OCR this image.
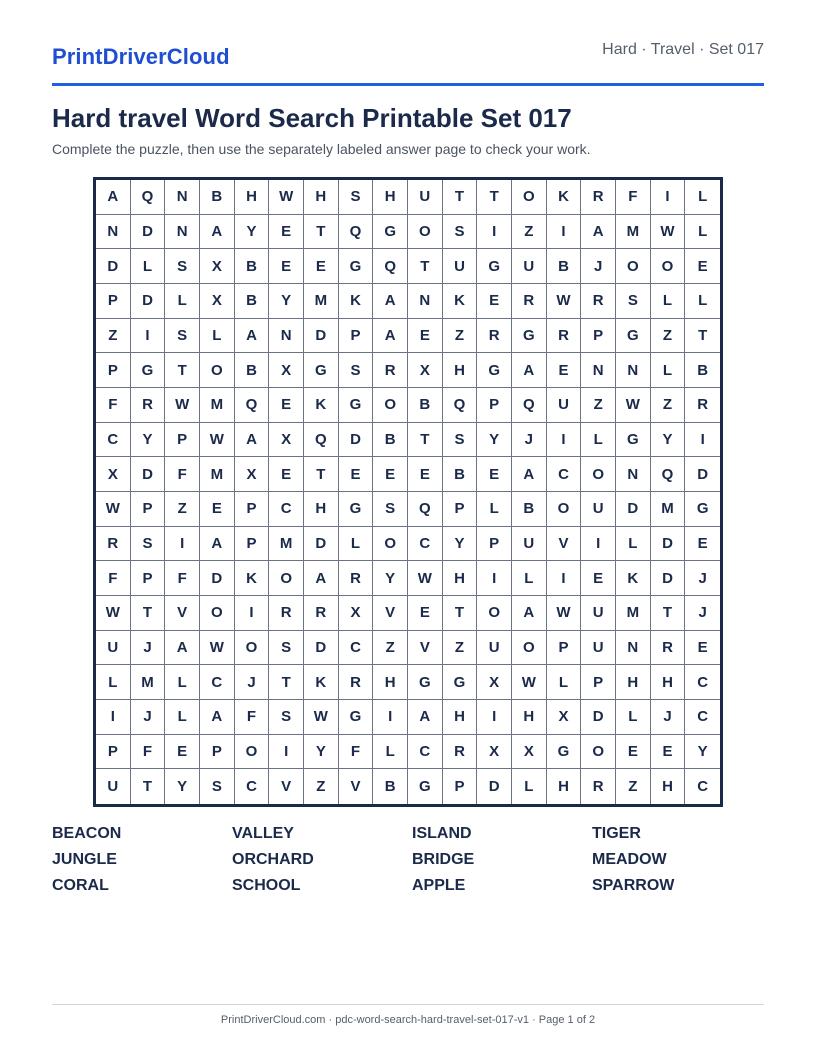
PrintDriverCloud	Hard · Travel · Set 017
Hard travel Word Search Printable Set 017
Complete the puzzle, then use the separately labeled answer page to check your work.
A	Q	N	B	H	W	H	S	H	U	T	T	O	K	R	F	I	L
N	D	N	A	Y	E	T	Q	G	O	S	I	Z	I	A	M	W	L
D	L	S	X	B	E	E	G	Q	T	U	G	U	B	J	O	O	E
P	D	L	X	B	Y	M	K	A	N	K	E	R	W	R	S	L	L
Z	I	S	L	A	N	D	P	A	E	Z	R	G	R	P	G	Z	T
P	G	T	O	B	X	G	S	R	X	H	G	A	E	N	N	L	B
F	R	W	M	Q	E	K	G	O	B	Q	P	Q	U	Z	W	Z	R
C	Y	P	W	A	X	Q	D	B	T	S	Y	J	I	L	G	Y	I
X	D	F	M	X	E	T	E	E	E	B	E	A	C	O	N	Q	D
W	P	Z	E	P	C	H	G	S	Q	P	L	B	O	U	D	M	G
R	S	I	A	P	M	D	L	O	C	Y	P	U	V	I	L	D	E
F	P	F	D	K	O	A	R	Y	W	H	I	L	I	E	K	D	J
W	T	V	O	I	R	R	X	V	E	T	O	A	W	U	M	T	J
U	J	A	W	O	S	D	C	Z	V	Z	U	O	P	U	N	R	E
L	M	L	C	J	T	K	R	H	G	G	X	W	L	P	H	H	C
I	J	L	A	F	S	W	G	I	A	H	I	H	X	D	L	J	C
P	F	E	P	O	I	Y	F	L	C	R	X	X	G	O	E	E	Y
U	T	Y	S	C	V	Z	V	B	G	P	D	L	H	R	Z	H	C
BEACON	VALLEY	ISLAND	TIGER
JUNGLE	ORCHARD	BRIDGE	MEADOW
CORAL	SCHOOL	APPLE	SPARROW
PrintDriverCloud.com · pdc-word-search-hard-travel-set-017-v1 · Page 1 of 2
